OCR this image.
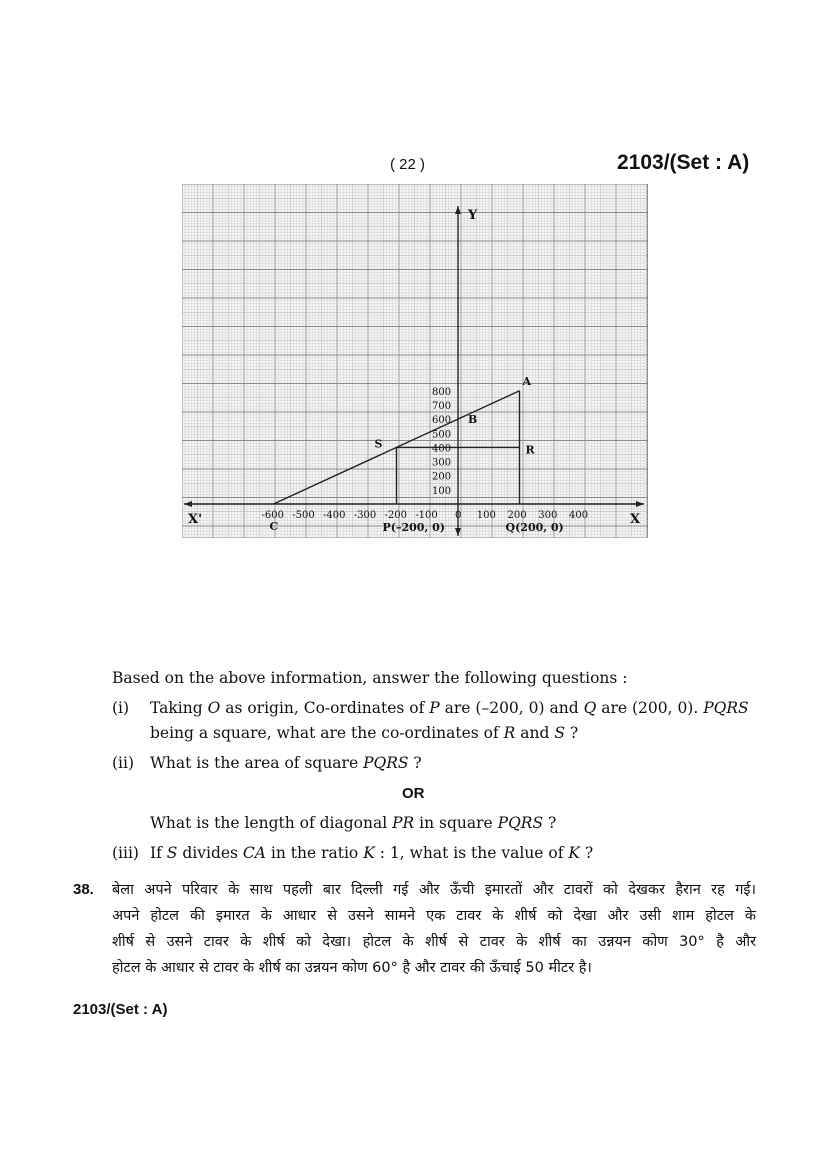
( 22 )	2103/(Set : A)
0
-600 -500 -400 -300 -200 -100	100 200 300 400
100
200
300
400
500
600
700
800
X
X'
Y
A
B
C
S	R
P(–200, 0)	Q(200, 0)
Based on the above information, answer the following questions :
(i) Taking O as origin, Co-ordinates of P are (–200, 0) and Q are (200, 0). PQRS
being a square, what are the co-ordinates of R and S ?
(ii) What is the area of square PQRS ?
OR
What is the length of diagonal PR in square PQRS ?
(iii) If S divides CA in the ratio K : 1, what is the value of K ?
38. बेला अपने परिवार के साथ पहली बार दिल्ली गई और ऊँची इमारतों और टावरों को देखकर हैरान रह गई।
अपने होटल की इमारत के आधार से उसने सामने एक टावर के शीर्ष को देखा और उसी शाम होटल के
शीर्ष से उसने टावर के शीर्ष को देखा। होटल के शीर्ष से टावर के शीर्ष का उन्नयन कोण 30° है और
होटल के आधार से टावर के शीर्ष का उन्नयन कोण 60° है और टावर की ऊँचाई 50 मीटर है।
2103/(Set : A)
